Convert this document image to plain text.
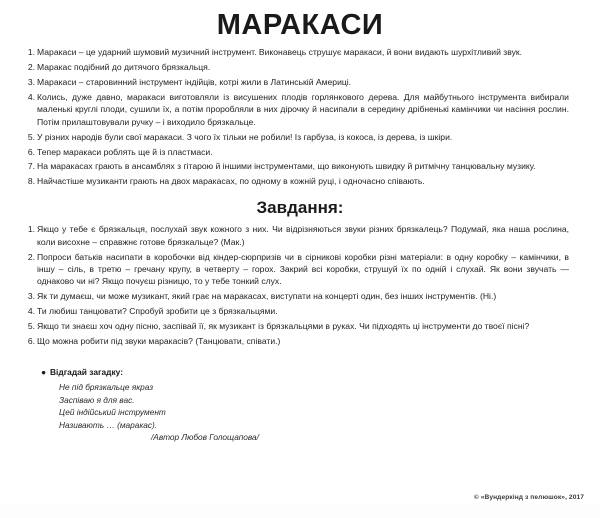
МАРАКАСИ
1. Маракаси – це ударний шумовий музичний інструмент. Виконавець струшує маракаси, й вони видають шурхітливий звук.
2. Маракас подібний до дитячого брязкальця.
3. Маракаси – старовинний інструмент індійців, котрі жили в Латинській Америці.
4. Колись, дуже давно, маракаси виготовляли із висушених плодів горлянкового дерева. Для майбутнього інструмента вибирали маленькі круглі плоди, сушили їх, а потім проробляли в них дірочку й насипали в середину дрібненькі камінчики чи насіння рослин. Потім прилаштовували ручку – і виходило брязкальце.
5. У різних народів були свої маракаси. З чого їх тільки не робили! Із гарбуза, із кокоса, із дерева, із шкіри.
6. Тепер маракаси роблять ще й із пластмаси.
7. На маракасах грають в ансамблях з гітарою й іншими інструментами, що виконують швидку й ритмічну танцювальну музику.
8. Найчастіше музиканти грають на двох маракасах, по одному в кожній руці, і одночасно співають.
Завдання:
1. Якщо у тебе є брязкальця, послухай звук кожного з них. Чи відрізняються звуки різних брязкалець? Подумай, яка наша рослина, коли висохне – справжнє готове брязкальце? (Мак.)
2. Попроси батьків насипати в коробочки від кіндер-сюрпризів чи в сірникові коробки різні матеріали: в одну коробку – камінчики, в іншу – сіль, в третю – гречану крупу, в четверту – горох. Закрий всі коробки, струшуй їх по одній і слухай. Як вони звучать — однаково чи ні? Якщо почуєш різницю, то у тебе тонкий слух.
3. Як ти думаєш, чи може музикант, який грає на маракасах, виступати на концерті один, без інших інструментів. (Ні.)
4. Ти любиш танцювати? Спробуй зробити це з брязкальцями.
5. Якщо ти знаєш хоч одну пісню, заспівай її, як музикант із брязкальцями в руках. Чи підходять ці інструменти до твоєї пісні?
6. Що можна робити під звуки маракасів? (Танцювати, співати.)
● Відгадай загадку:
Не під брязкальце якраз
Заспіваю я для вас.
Цей індійський інструмент
Називають … (маракас).
/Автор Любов Голощапова/
© «Вундеркінд з пелюшок», 2017
